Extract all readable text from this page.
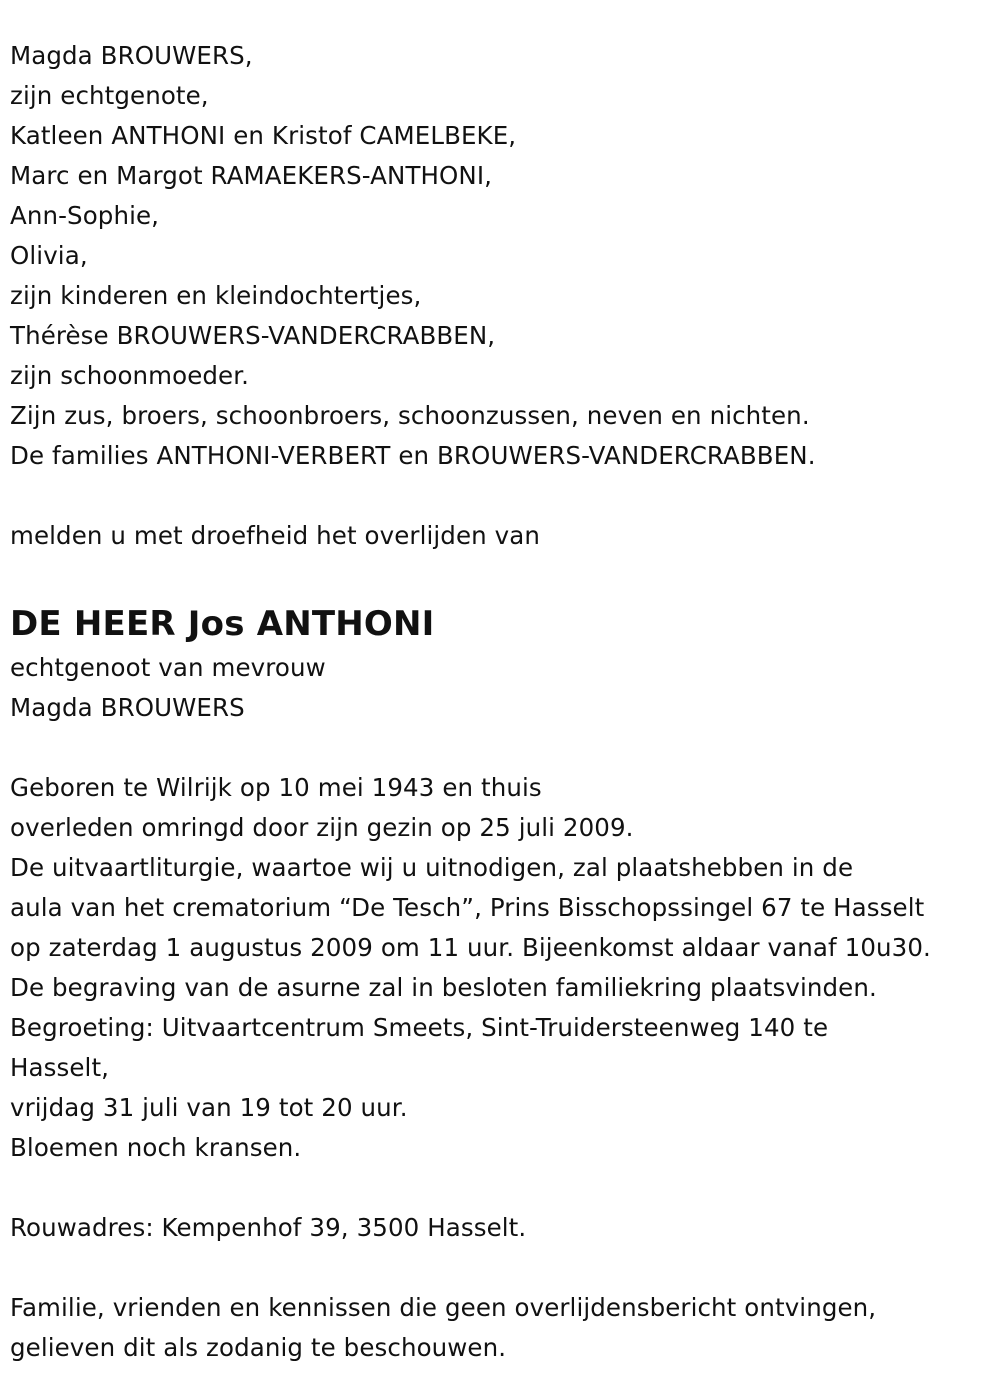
Magda BROUWERS,
zijn echtgenote,
Katleen ANTHONI en Kristof CAMELBEKE,
Marc en Margot RAMAEKERS-ANTHONI,
Ann-Sophie,
Olivia,
zijn kinderen en kleindochtertjes,
Thérèse BROUWERS-VANDERCRABBEN,
zijn schoonmoeder.
Zijn zus, broers, schoonbroers, schoonzussen, neven en nichten.
De families ANTHONI-VERBERT en BROUWERS-VANDERCRABBEN.
melden u met droefheid het overlijden van
DE HEER Jos ANTHONI
echtgenoot van mevrouw
Magda BROUWERS
Geboren te Wilrijk op 10 mei 1943 en thuis
overleden omringd door zijn gezin op 25 juli 2009.
De uitvaartliturgie, waartoe wij u uitnodigen, zal plaatshebben in de
aula van het crematorium “De Tesch”, Prins Bisschopssingel 67 te Hasselt
op zaterdag 1 augustus 2009 om 11 uur. Bijeenkomst aldaar vanaf 10u30.
De begraving van de asurne zal in besloten familiekring plaatsvinden.
Begroeting: Uitvaartcentrum Smeets, Sint-Truidersteenweg 140 te
Hasselt,
vrijdag 31 juli van 19 tot 20 uur.
Bloemen noch kransen.
Rouwadres: Kempenhof 39, 3500 Hasselt.
Familie, vrienden en kennissen die geen overlijdensbericht ontvingen,
gelieven dit als zodanig te beschouwen.
